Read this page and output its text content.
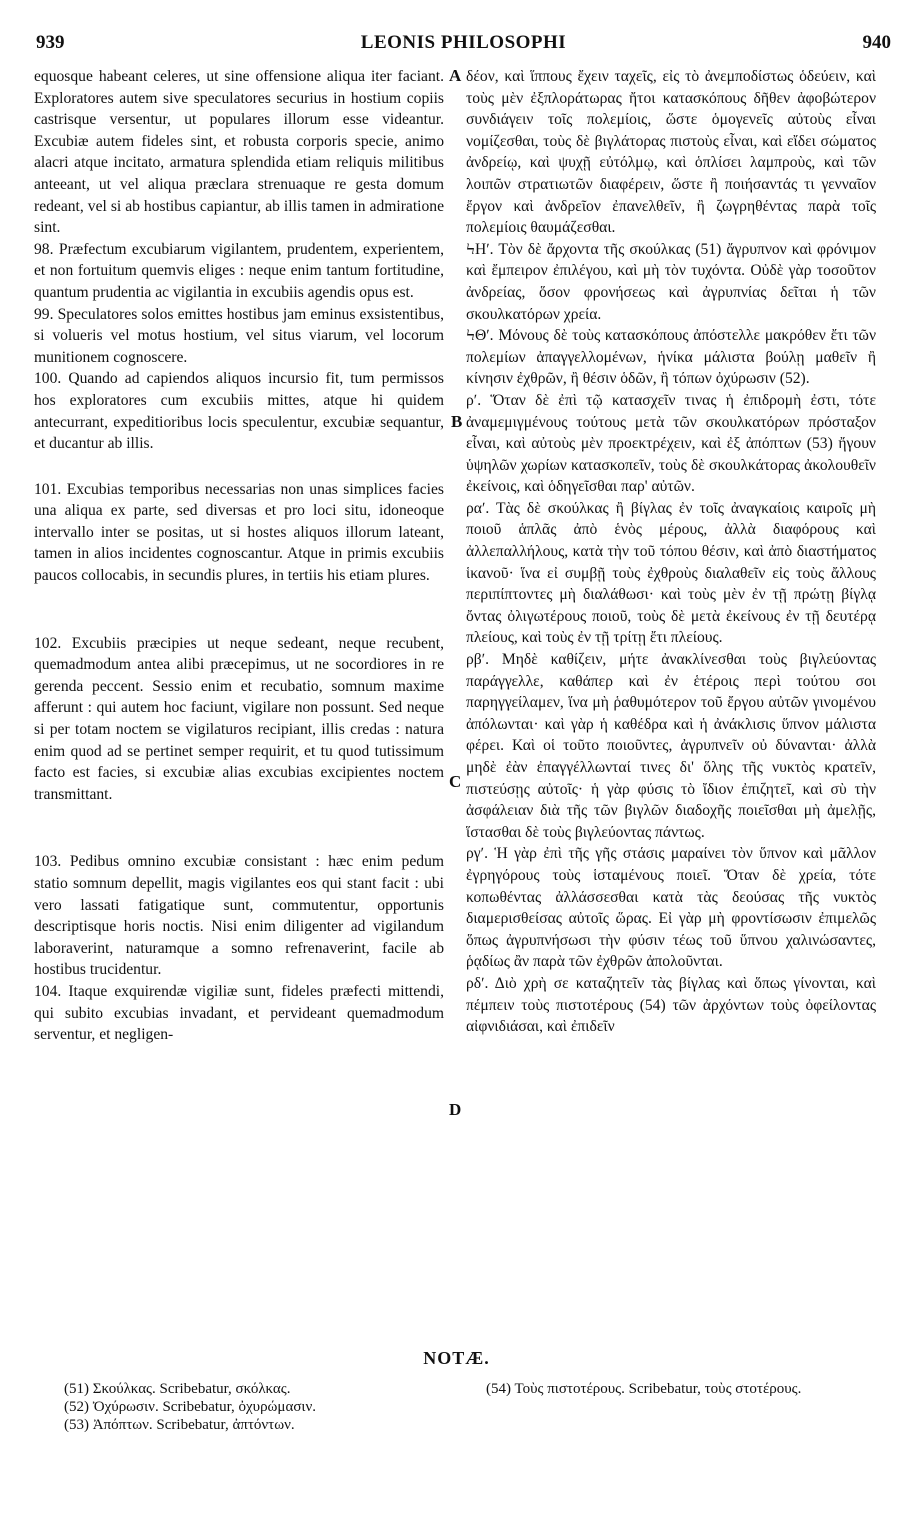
939	LEONIS PHILOSOPHI	940

equosque habeant celeres, ut sine offensione aliqua iter faciant. Exploratores autem sive speculatores securius in hostium copiis castrisque versentur, ut populares illorum esse videantur. Excubiæ autem fideles sint, et robusta corporis specie, animo alacri atque incitato, armatura splendida etiam reliquis militibus anteeant, ut vel aliqua præclara strenuaque re gesta domum redeant, vel si ab hostibus capiantur, ab illis tamen in admiratione sint.

98. Præfectum excubiarum vigilantem, prudentem, experientem, et non fortuitum quemvis eliges : neque enim tantum fortitudine, quantum prudentia ac vigilantia in excubiis agendis opus est.

99. Speculatores solos emittes hostibus jam eminus exsistentibus, si volueris vel motus hostium, vel situs viarum, vel locorum munitionem cognoscere.

100. Quando ad capiendos aliquos incursio fit, tum permissos hos exploratores cum excubiis mittes, atque hi quidem antecurrant, expeditioribus locis speculentur, excubiæ sequantur, et ducantur ab illis.

101. Excubias temporibus necessarias non unas simplices facies una aliqua ex parte, sed diversas et pro loci situ, idoneoque intervallo inter se positas, ut si hostes aliquos illorum lateant, tamen in alios incidentes cognoscantur. Atque in primis excubiis paucos collocabis, in secundis plures, in tertiis his etiam plures.

102. Excubiis præcipies ut neque sedeant, neque recubent, quemadmodum antea alibi præcepimus, ut ne socordiores in re gerenda peccent. Sessio enim et recubatio, somnum maxime afferunt : qui autem hoc faciunt, vigilare non possunt. Sed neque si per totam noctem se vigilaturos recipiant, illis credas : natura enim quod ad se pertinet semper requirit, et tu quod tutissimum facto est facies, si excubiæ alias excubias excipientes noctem transmittant.

103. Pedibus omnino excubiæ consistant : hæc enim pedum statio somnum depellit, magis vigilantes eos qui stant facit : ubi vero lassati fatigatique sunt, commutentur, opportunis descriptisque horis noctis. Nisi enim diligenter ad vigilandum laboraverint, naturamque a somno refrenaverint, facile ab hostibus trucidentur.

104. Itaque exquirendæ vigiliæ sunt, fideles præfecti mittendi, qui subito excubias invadant, et pervideant quemadmodum serventur, et negligen-

A
B
C
D

δέον, καὶ ἵππους ἔχειν ταχεῖς, εἰς τὸ ἀνεμποδίστως ὁδεύειν, καὶ τοὺς μὲν ἐξπλοράτωρας ἤτοι κατασκόπους δῆθεν ἀφοβώτερον συνδιάγειν τοῖς πολεμίοις, ὥστε ὁμογενεῖς αὐτοὺς εἶναι νομίζεσθαι, τοὺς δὲ βιγλάτορας πιστοὺς εἶναι, καὶ εἴδει σώματος ἀνδρείῳ, καὶ ψυχῇ εὐτόλμῳ, καὶ ὁπλίσει λαμπροὺς, καὶ τῶν λοιπῶν στρατιωτῶν διαφέρειν, ὥστε ἢ ποιήσαντάς τι γενναῖον ἔργον καὶ ἀνδρεῖον ἐπανελθεῖν, ἢ ζωγρηθέντας παρὰ τοῖς πολεμίοις θαυμάζεσθαι.

ϞΗʹ. Τὸν δὲ ἄρχοντα τῆς σκούλκας (51) ἄγρυπνον καὶ φρόνιμον καὶ ἔμπειρον ἐπιλέγου, καὶ μὴ τὸν τυχόντα. Οὐδὲ γὰρ τοσοῦτον ἀνδρείας, ὅσον φρονήσεως καὶ ἀγρυπνίας δεῖται ἡ τῶν σκουλκατόρων χρεία.

ϞΘʹ. Μόνους δὲ τοὺς κατασκόπους ἀπόστελλε μακρόθεν ἔτι τῶν πολεμίων ἀπαγγελλομένων, ἡνίκα μάλιστα βούλῃ μαθεῖν ἢ κίνησιν ἐχθρῶν, ἢ θέσιν ὁδῶν, ἢ τόπων ὀχύρωσιν (52).

ρʹ. Ὅταν δὲ ἐπὶ τῷ κατασχεῖν τινας ἡ ἐπιδρομὴ ἐστι, τότε ἀναμεμιγμένους τούτους μετὰ τῶν σκουλκατόρων πρόσταξον εἶναι, καὶ αὐτοὺς μὲν προεκτρέχειν, καὶ ἐξ ἀπόπτων (53) ἤγουν ὑψηλῶν χωρίων κατασκοπεῖν, τοὺς δὲ σκουλκάτορας ἀκολουθεῖν ἐκείνοις, καὶ ὁδηγεῖσθαι παρ' αὐτῶν.

ραʹ. Τὰς δὲ σκούλκας ἢ βίγλας ἐν τοῖς ἀναγκαίοις καιροῖς μὴ ποιοῦ ἁπλᾶς ἀπὸ ἑνὸς μέρους, ἀλλὰ διαφόρους καὶ ἀλλεπαλλήλους, κατὰ τὴν τοῦ τόπου θέσιν, καὶ ἀπὸ διαστήματος ἱκανοῦ· ἵνα εἰ συμβῇ τοὺς ἐχθροὺς διαλαθεῖν εἰς τοὺς ἄλλους περιπίπτοντες μὴ διαλάθωσι· καὶ τοὺς μὲν ἐν τῇ πρώτῃ βίγλᾳ ὄντας ὀλιγωτέρους ποιοῦ, τοὺς δὲ μετὰ ἐκείνους ἐν τῇ δευτέρᾳ πλείους, καὶ τοὺς ἐν τῇ τρίτῃ ἔτι πλείους.

ρβʹ. Μηδὲ καθίζειν, μήτε ἀνακλίνεσθαι τοὺς βιγλεύοντας παράγγελλε, καθάπερ καὶ ἐν ἑτέροις περὶ τούτου σοι παρηγγείλαμεν, ἵνα μὴ ῥαθυμότερον τοῦ ἔργου αὐτῶν γινομένου ἀπόλωνται· καὶ γὰρ ἡ καθέδρα καὶ ἡ ἀνάκλισις ὕπνον μάλιστα φέρει. Καὶ οἱ τοῦτο ποιοῦντες, ἀγρυπνεῖν οὐ δύνανται· ἀλλὰ μηδὲ ἐὰν ἐπαγγέλλωνταί τινες δι' ὅλης τῆς νυκτὸς κρατεῖν, πιστεύσῃς αὐτοῖς· ἡ γὰρ φύσις τὸ ἴδιον ἐπιζητεῖ, καὶ σὺ τὴν ἀσφάλειαν διὰ τῆς τῶν βιγλῶν διαδοχῆς ποιεῖσθαι μὴ ἀμελῇς, ἵστασθαι δὲ τοὺς βιγλεύοντας πάντως.

ργʹ. Ἡ γὰρ ἐπὶ τῆς γῆς στάσις μαραίνει τὸν ὕπνον καὶ μᾶλλον ἐγρηγόρους τοὺς ἱσταμένους ποιεῖ. Ὅταν δὲ χρεία, τότε κοπωθέντας ἀλλάσσεσθαι κατὰ τὰς δεούσας τῆς νυκτὸς διαμερισθείσας αὐτοῖς ὥρας. Εἰ γὰρ μὴ φροντίσωσιν ἐπιμελῶς ὅπως ἀγρυπνήσωσι τὴν φύσιν τέως τοῦ ὕπνου χαλινώσαντες, ῥᾳδίως ἂν παρὰ τῶν ἐχθρῶν ἀπολοῦνται.

ρδʹ. Διὸ χρὴ σε καταζητεῖν τὰς βίγλας καὶ ὅπως γίνονται, καὶ πέμπειν τοὺς πιστοτέρους (54) τῶν ἀρχόντων τοὺς ὀφείλοντας αἰφνιδιάσαι, καὶ ἐπιδεῖν

NOTÆ.

(51) Σκούλκας. Scribebatur, σκόλκας.

(52) Ὀχύρωσιν. Scribebatur, ὀχυρώμασιν.

(53) Ἀπόπτων. Scribebatur, ἀπτόντων.

(54) Τοὺς πιστοτέρους. Scribebatur, τοὺς στοτέρους.
